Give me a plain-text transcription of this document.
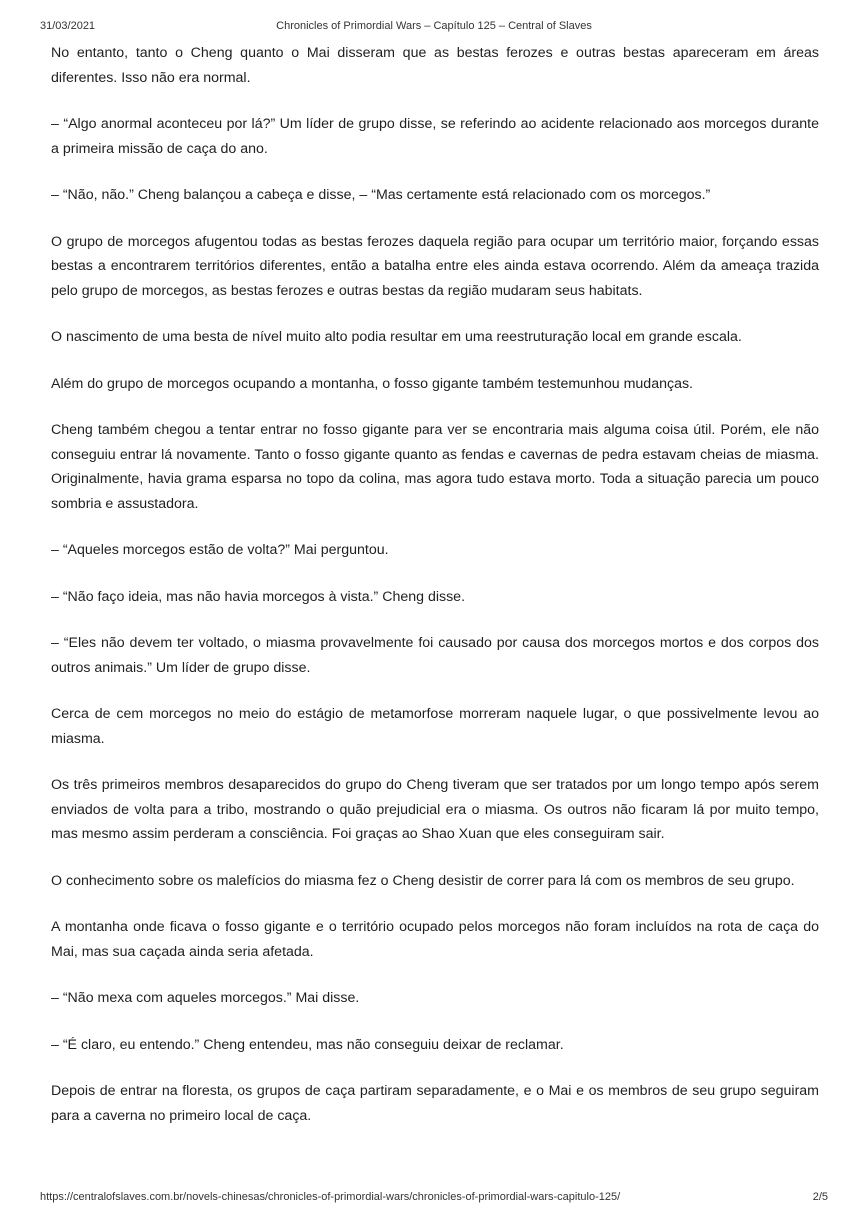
31/03/2021	Chronicles of Primordial Wars – Capítulo 125 – Central of Slaves

No entanto, tanto o Cheng quanto o Mai disseram que as bestas ferozes e outras bestas apareceram em áreas diferentes. Isso não era normal.

– “Algo anormal aconteceu por lá?” Um líder de grupo disse, se referindo ao acidente relacionado aos morcegos durante a primeira missão de caça do ano.

– “Não, não.” Cheng balançou a cabeça e disse, – “Mas certamente está relacionado com os morcegos.”

O grupo de morcegos afugentou todas as bestas ferozes daquela região para ocupar um território maior, forçando essas bestas a encontrarem territórios diferentes, então a batalha entre eles ainda estava ocorrendo. Além da ameaça trazida pelo grupo de morcegos, as bestas ferozes e outras bestas da região mudaram seus habitats.

O nascimento de uma besta de nível muito alto podia resultar em uma reestruturação local em grande escala.

Além do grupo de morcegos ocupando a montanha, o fosso gigante também testemunhou mudanças.

Cheng também chegou a tentar entrar no fosso gigante para ver se encontraria mais alguma coisa útil. Porém, ele não conseguiu entrar lá novamente. Tanto o fosso gigante quanto as fendas e cavernas de pedra estavam cheias de miasma. Originalmente, havia grama esparsa no topo da colina, mas agora tudo estava morto. Toda a situação parecia um pouco sombria e assustadora.

– “Aqueles morcegos estão de volta?” Mai perguntou.

– “Não faço ideia, mas não havia morcegos à vista.” Cheng disse.

– “Eles não devem ter voltado, o miasma provavelmente foi causado por causa dos morcegos mortos e dos corpos dos outros animais.” Um líder de grupo disse.

Cerca de cem morcegos no meio do estágio de metamorfose morreram naquele lugar, o que possivelmente levou ao miasma.

Os três primeiros membros desaparecidos do grupo do Cheng tiveram que ser tratados por um longo tempo após serem enviados de volta para a tribo, mostrando o quão prejudicial era o miasma. Os outros não ficaram lá por muito tempo, mas mesmo assim perderam a consciência. Foi graças ao Shao Xuan que eles conseguiram sair.

O conhecimento sobre os malefícios do miasma fez o Cheng desistir de correr para lá com os membros de seu grupo.

A montanha onde ficava o fosso gigante e o território ocupado pelos morcegos não foram incluídos na rota de caça do Mai, mas sua caçada ainda seria afetada.

– “Não mexa com aqueles morcegos.” Mai disse.

– “É claro, eu entendo.” Cheng entendeu, mas não conseguiu deixar de reclamar.

Depois de entrar na floresta, os grupos de caça partiram separadamente, e o Mai e os membros de seu grupo seguiram para a caverna no primeiro local de caça.

https://centralofslaves.com.br/novels-chinesas/chronicles-of-primordial-wars/chronicles-of-primordial-wars-capitulo-125/	2/5
